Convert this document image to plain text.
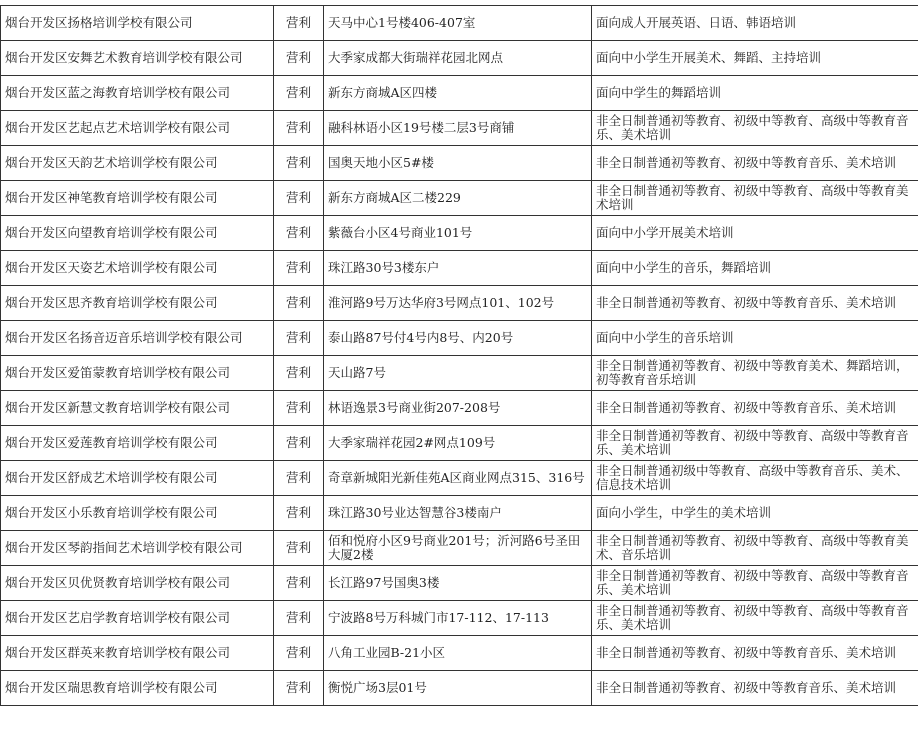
烟台开发区扬格培训学校有限公司	营利	天马中心1号楼406-407室	面向成人开展英语、日语、韩语培训
烟台开发区安舞艺术教育培训学校有限公司	营利	大季家成都大街瑞祥花园北网点	面向中小学生开展美术、舞蹈、主持培训
烟台开发区蓝之海教育培训学校有限公司	营利	新东方商城A区四楼	面向中学生的舞蹈培训
烟台开发区艺起点艺术培训学校有限公司	营利	融科林语小区19号楼二层3号商铺	非全日制普通初等教育、初级中等教育、高级中等教育音乐、美术培训
烟台开发区天韵艺术培训学校有限公司	营利	国奥天地小区5#楼	非全日制普通初等教育、初级中等教育音乐、美术培训
烟台开发区神笔教育培训学校有限公司	营利	新东方商城A区二楼229	非全日制普通初等教育、初级中等教育、高级中等教育美术培训
烟台开发区向望教育培训学校有限公司	营利	紫薇台小区4号商业101号	面向中小学开展美术培训
烟台开发区天姿艺术培训学校有限公司	营利	珠江路30号3楼东户	面向中小学生的音乐，舞蹈培训
烟台开发区思齐教育培训学校有限公司	营利	淮河路9号万达华府3号网点101、102号	非全日制普通初等教育、初级中等教育音乐、美术培训
烟台开发区名扬音迈音乐培训学校有限公司	营利	泰山路87号付4号内8号、内20号	面向中小学生的音乐培训
烟台开发区爱笛蒙教育培训学校有限公司	营利	天山路7号	非全日制普通初等教育、初级中等教育美术、舞蹈培训，初等教育音乐培训
烟台开发区新慧文教育培训学校有限公司	营利	林语逸景3号商业街207-208号	非全日制普通初等教育、初级中等教育音乐、美术培训
烟台开发区爱莲教育培训学校有限公司	营利	大季家瑞祥花园2#网点109号	非全日制普通初等教育、初级中等教育、高级中等教育音乐、美术培训
烟台开发区舒成艺术培训学校有限公司	营利	奇章新城阳光新佳苑A区商业网点315、316号	非全日制普通初级中等教育、高级中等教育音乐、美术、信息技术培训
烟台开发区小乐教育培训学校有限公司	营利	珠江路30号业达智慧谷3楼南户	面向小学生，中学生的美术培训
烟台开发区琴韵指间艺术培训学校有限公司	营利	佰和悦府小区9号商业201号；沂河路6号圣田大厦2楼	非全日制普通初等教育、初级中等教育、高级中等教育美术、音乐培训
烟台开发区贝优贤教育培训学校有限公司	营利	长江路97号国奥3楼	非全日制普通初等教育、初级中等教育、高级中等教育音乐、美术培训
烟台开发区艺启学教育培训学校有限公司	营利	宁波路8号万科城门市17-112、17-113	非全日制普通初等教育、初级中等教育、高级中等教育音乐、美术培训
烟台开发区群英来教育培训学校有限公司	营利	八角工业园B-21小区	非全日制普通初等教育、初级中等教育音乐、美术培训
烟台开发区瑞思教育培训学校有限公司	营利	衡悦广场3层01号	非全日制普通初等教育、初级中等教育音乐、美术培训
